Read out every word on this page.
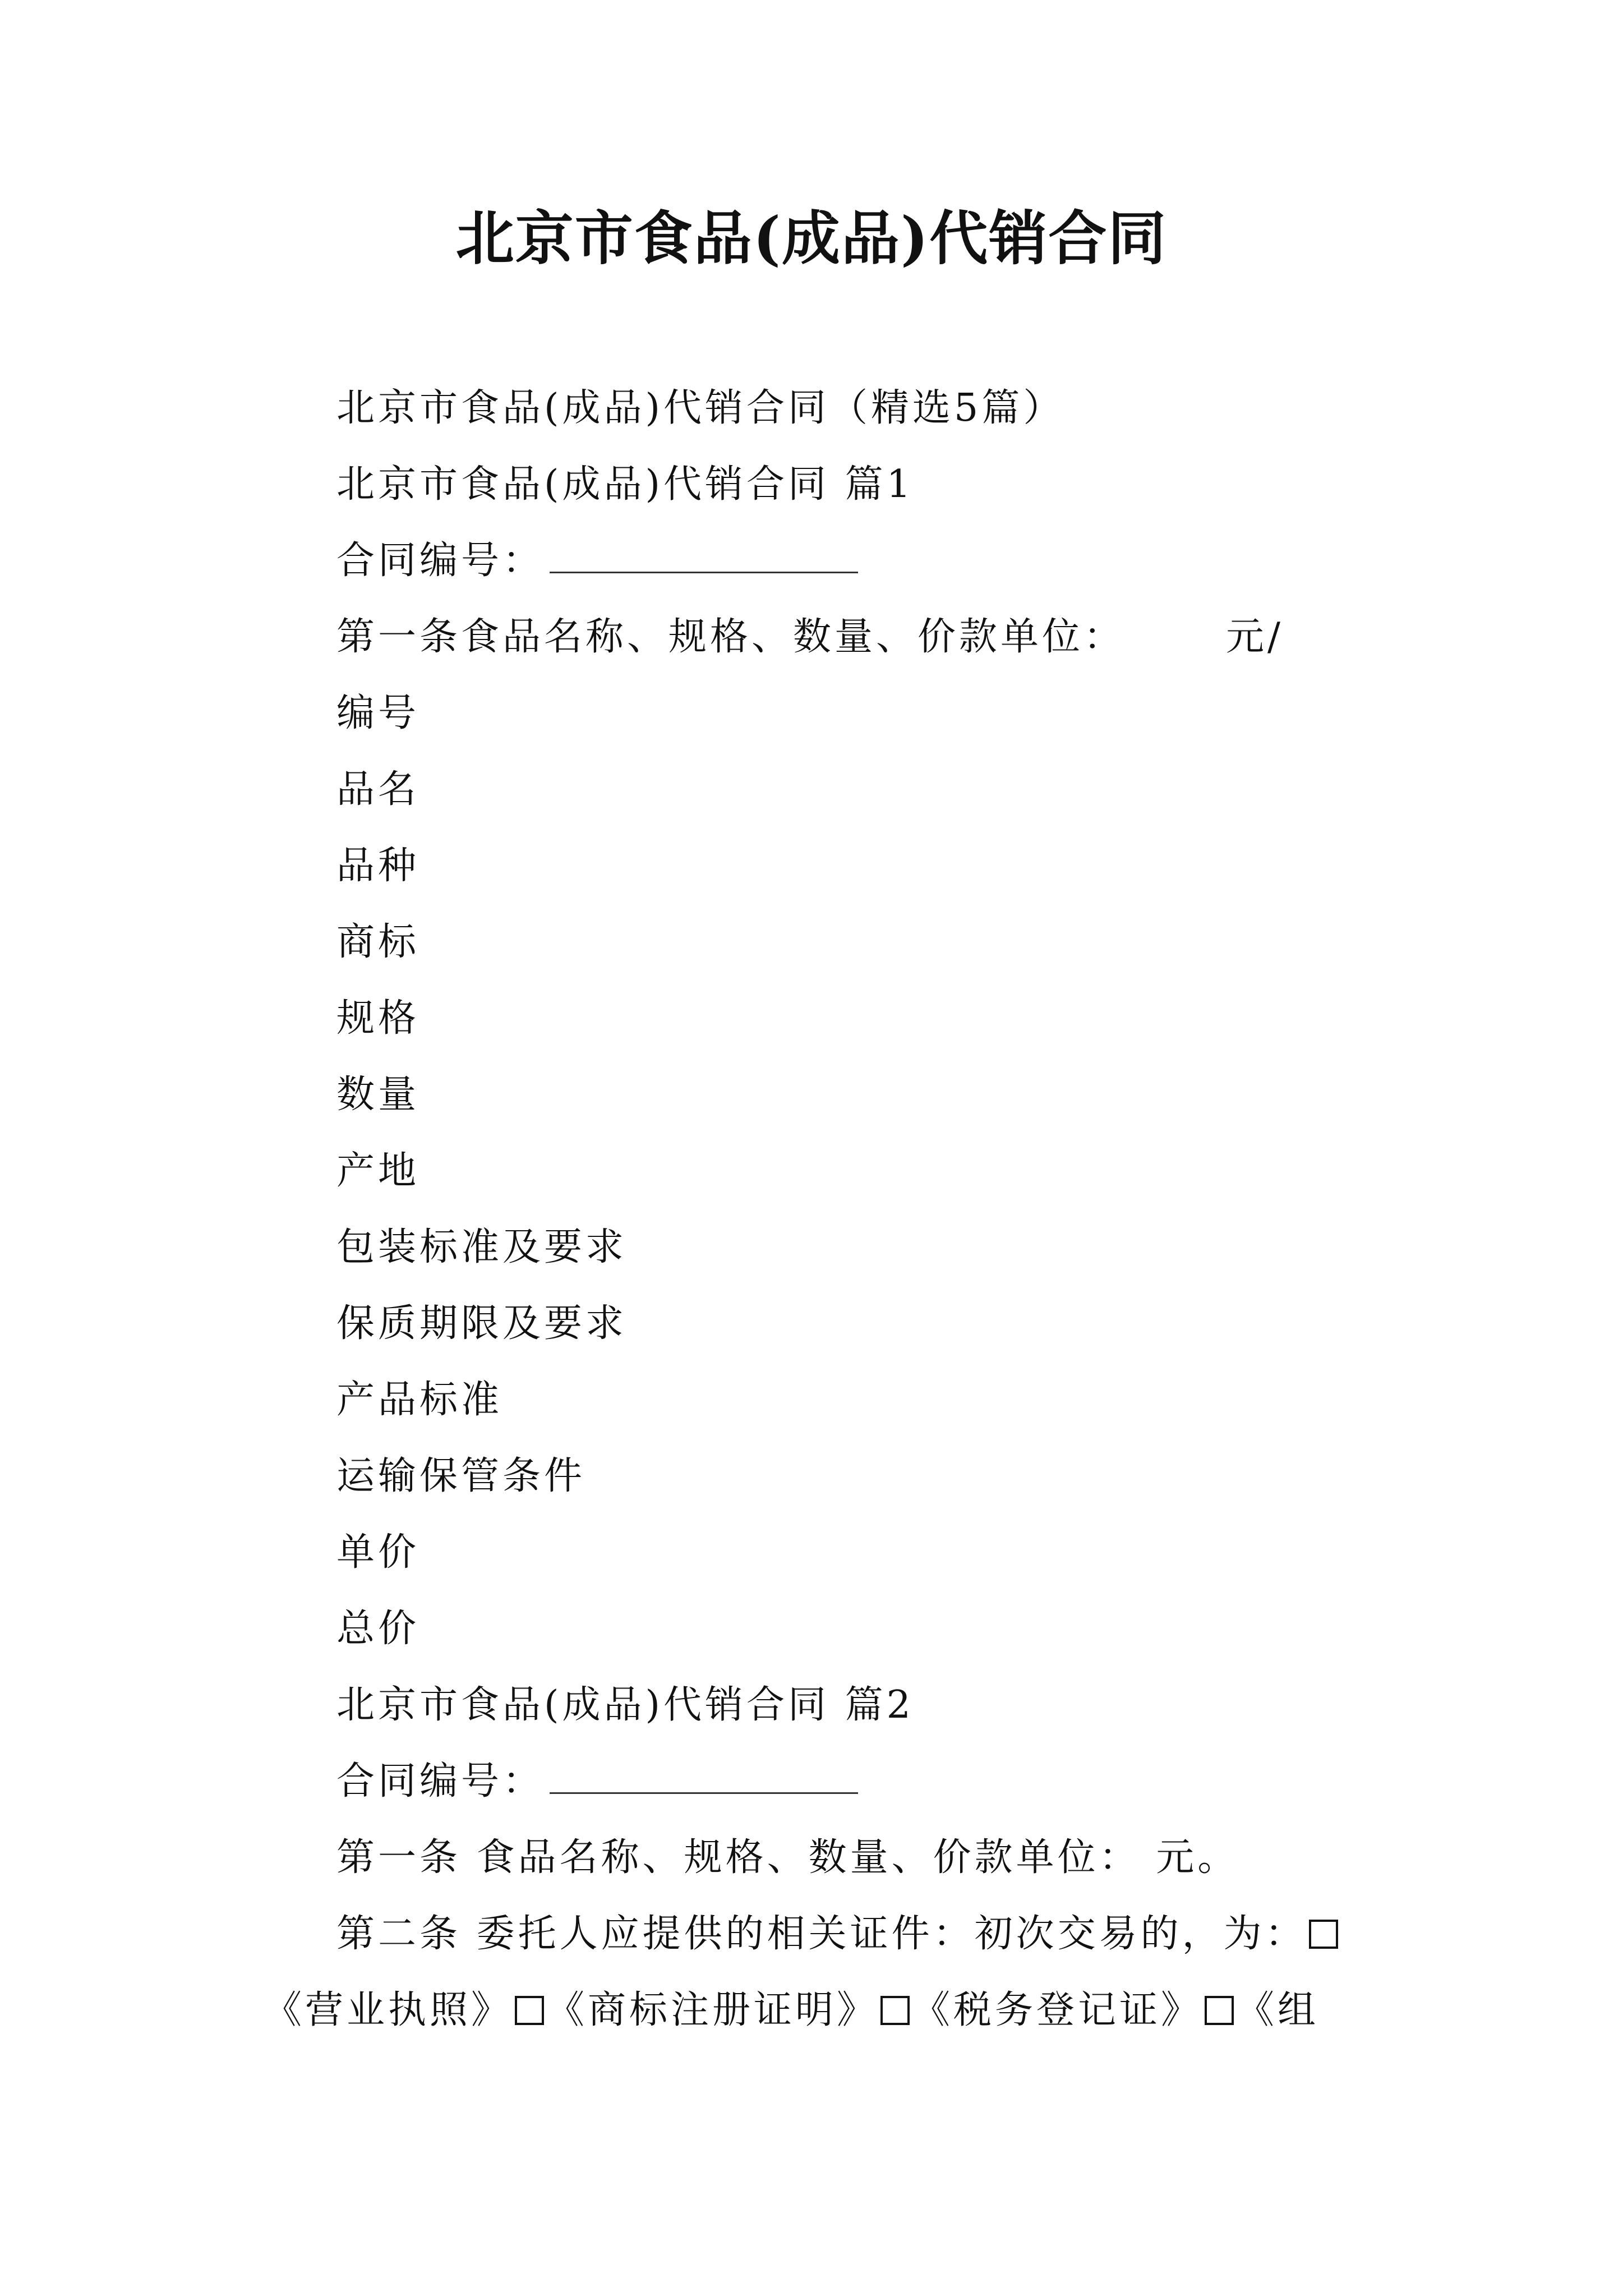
北京市食品(成品)代销合同
北京市食品(成品)代销合同（精选5篇）
北京市食品(成品)代销合同 篇1
合同编号：
第一条食品名称、规格、数量、价款单位：	元/
编号
品名
品种
商标
规格
数量
产地
包装标准及要求
保质期限及要求
产品标准
运输保管条件
单价
总价
北京市食品(成品)代销合同 篇2
合同编号：
第一条 食品名称、规格、数量、价款单位： 元。
第二条 委托人应提供的相关证件：初次交易的，为：《营业执照》 《商标注册证明》 《税务登记证》 《组
